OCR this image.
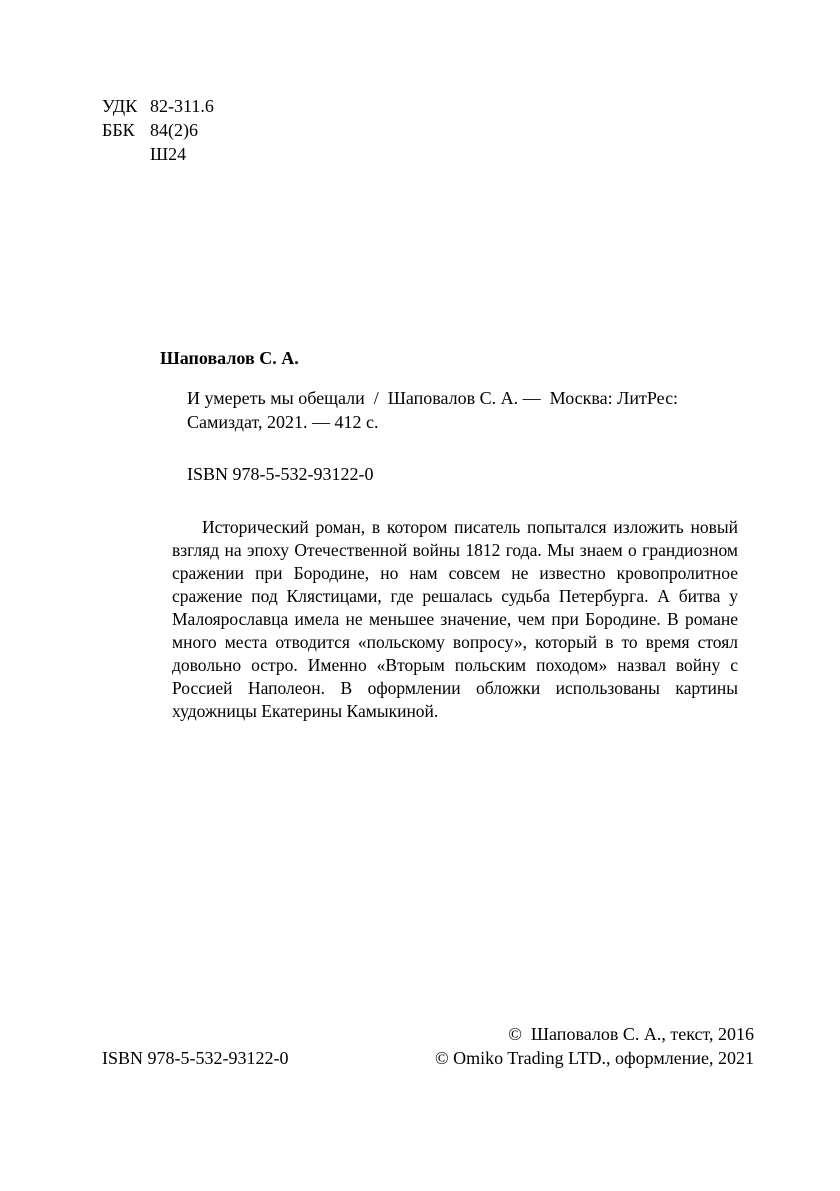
УДК 82-311.6
ББК 84(2)6
Ш24
Шаповалов С. А.
И умереть мы обещали  /  Шаповалов С. А. —  Москва: ЛитРес:
Самиздат, 2021. — 412 с.
ISBN 978-5-532-93122-0
Исторический роман, в котором писатель попытался изложить новый взгляд на эпоху Отечественной войны 1812 года. Мы знаем о грандиозном сражении при Бородине, но нам совсем не известно кровопролитное сражение под Клястицами, где решалась судьба Петербурга. А битва у Малоярославца имела не меньшее значение, чем при Бородине. В романе много места отводится «польскому вопросу», который в то время стоял довольно остро. Именно «Вторым польским походом» назвал войну с Россией Наполеон. В оформлении обложки использованы картины художницы Екатерины Камыкиной.
ISBN 978-5-532-93122-0
©  Шаповалов С. А., текст, 2016
© Omiko Trading LTD., оформление, 2021
